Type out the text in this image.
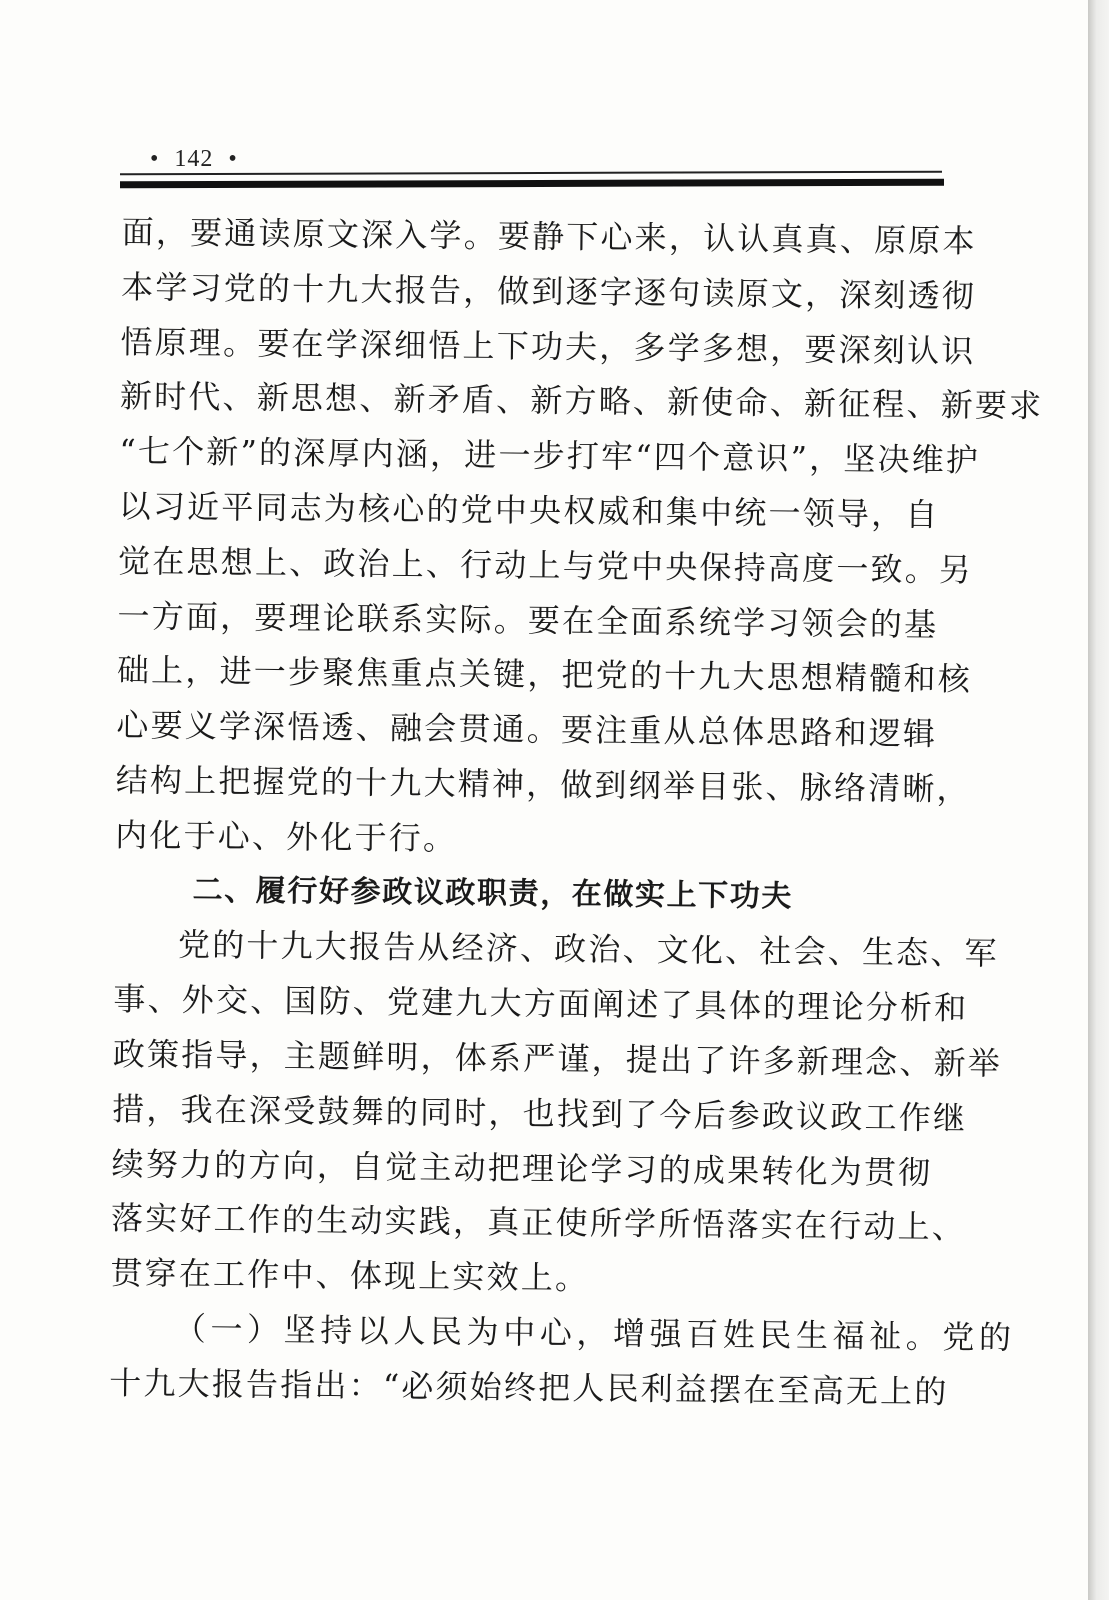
• 142 •
面，要通读原文深入学。要静下心来，认认真真、原原本
本学习党的十九大报告，做到逐字逐句读原文，深刻透彻
悟原理。要在学深细悟上下功夫，多学多想，要深刻认识
新时代、新思想、新矛盾、新方略、新使命、新征程、新要求
“七个新”的深厚内涵，进一步打牢“四个意识”，坚决维护
以习近平同志为核心的党中央权威和集中统一领导，自
觉在思想上、政治上、行动上与党中央保持高度一致。另
一方面，要理论联系实际。要在全面系统学习领会的基
础上，进一步聚焦重点关键，把党的十九大思想精髓和核
心要义学深悟透、融会贯通。要注重从总体思路和逻辑
结构上把握党的十九大精神，做到纲举目张、脉络清晰，
内化于心、外化于行。
二、履行好参政议政职责，在做实上下功夫
党的十九大报告从经济、政治、文化、社会、生态、军
事、外交、国防、党建九大方面阐述了具体的理论分析和
政策指导，主题鲜明，体系严谨，提出了许多新理念、新举
措，我在深受鼓舞的同时，也找到了今后参政议政工作继
续努力的方向，自觉主动把理论学习的成果转化为贯彻
落实好工作的生动实践，真正使所学所悟落实在行动上、
贯穿在工作中、体现上实效上。
（一）坚持以人民为中心，增强百姓民生福祉。党的
十九大报告指出：“必须始终把人民利益摆在至高无上的
